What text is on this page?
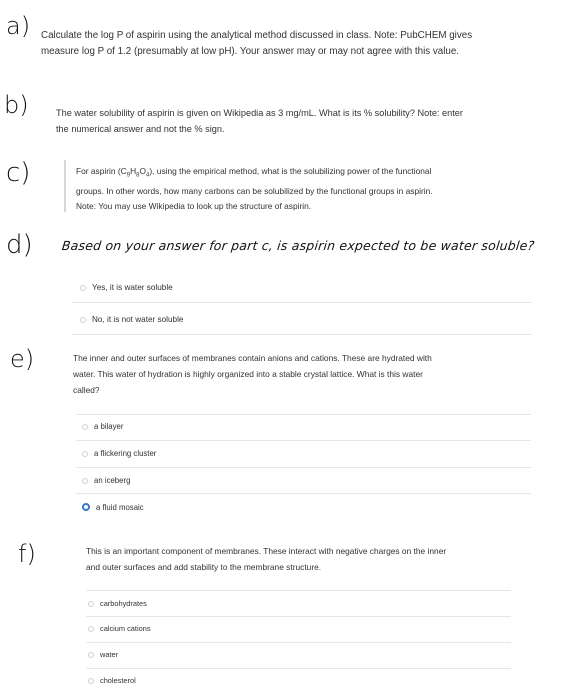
a) Calculate the log P of aspirin using the analytical method discussed in class. Note: PubCHEM gives
measure log P of 1.2 (presumably at low pH). Your answer may or may not agree with this value.
b)	The water solubility of aspirin is given on Wikipedia as 3 mg/mL. What is its % solubility? Note: enter
the numerical answer and not the % sign.
c)	For aspirin $(C_9H_8O_4)$, using the empirical method, what is the solubilizing power of the functional
groups. In other words, how many carbons can be solubilized by the functional groups in aspirin.
Note: You may use Wikipedia to look up the structure of aspirin.
d) Based on your answer for part c, is aspirin expected to be water soluble?
Yes, it is water soluble
No, it is not water soluble
e)	The inner and outer surfaces of membranes contain anions and cations. These are hydrated with
water. This water of hydration is highly organized into a stable crystal lattice. What is this water
called?
a bilayer
a flickering cluster
an iceberg
a fluid mosaic
f)	This is an important component of membranes. These interact with negative charges on the inner
and outer surfaces and add stability to the membrane structure.
carbohydrates
calcium cations
water
cholesterol
